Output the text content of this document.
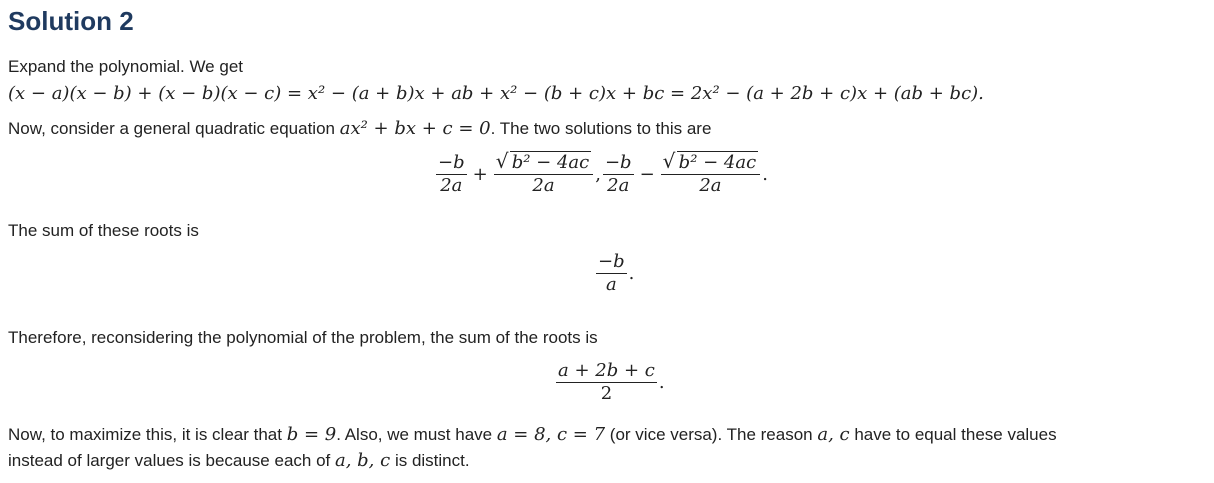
Solution 2
Expand the polynomial. We get
(x − a)(x − b) + (x − b)(x − c) = x² − (a + b)x + ab + x² − (b + c)x + bc = 2x² − (a + 2b + c)x + (ab + bc).
Now, consider a general quadratic equation ax² + bx + c = 0. The two solutions to this are
$\frac{-b}{2a} + \frac{\text{√ b² − 4ac}}{2a}$ , $\frac{-b}{2a} - \frac{\text{√ b² − 4ac}}{2a}$ .
The sum of these roots is
$\frac{-b}{a}$ .
Therefore, reconsidering the polynomial of the problem, the sum of the roots is
$\frac{a + 2b + c}{2}$ .
Now, to maximize this, it is clear that b = 9. Also, we must have a = 8, c = 7 (or vice versa). The reason a, c have to equal these values
instead of larger values is because each of a, b, c is distinct.
